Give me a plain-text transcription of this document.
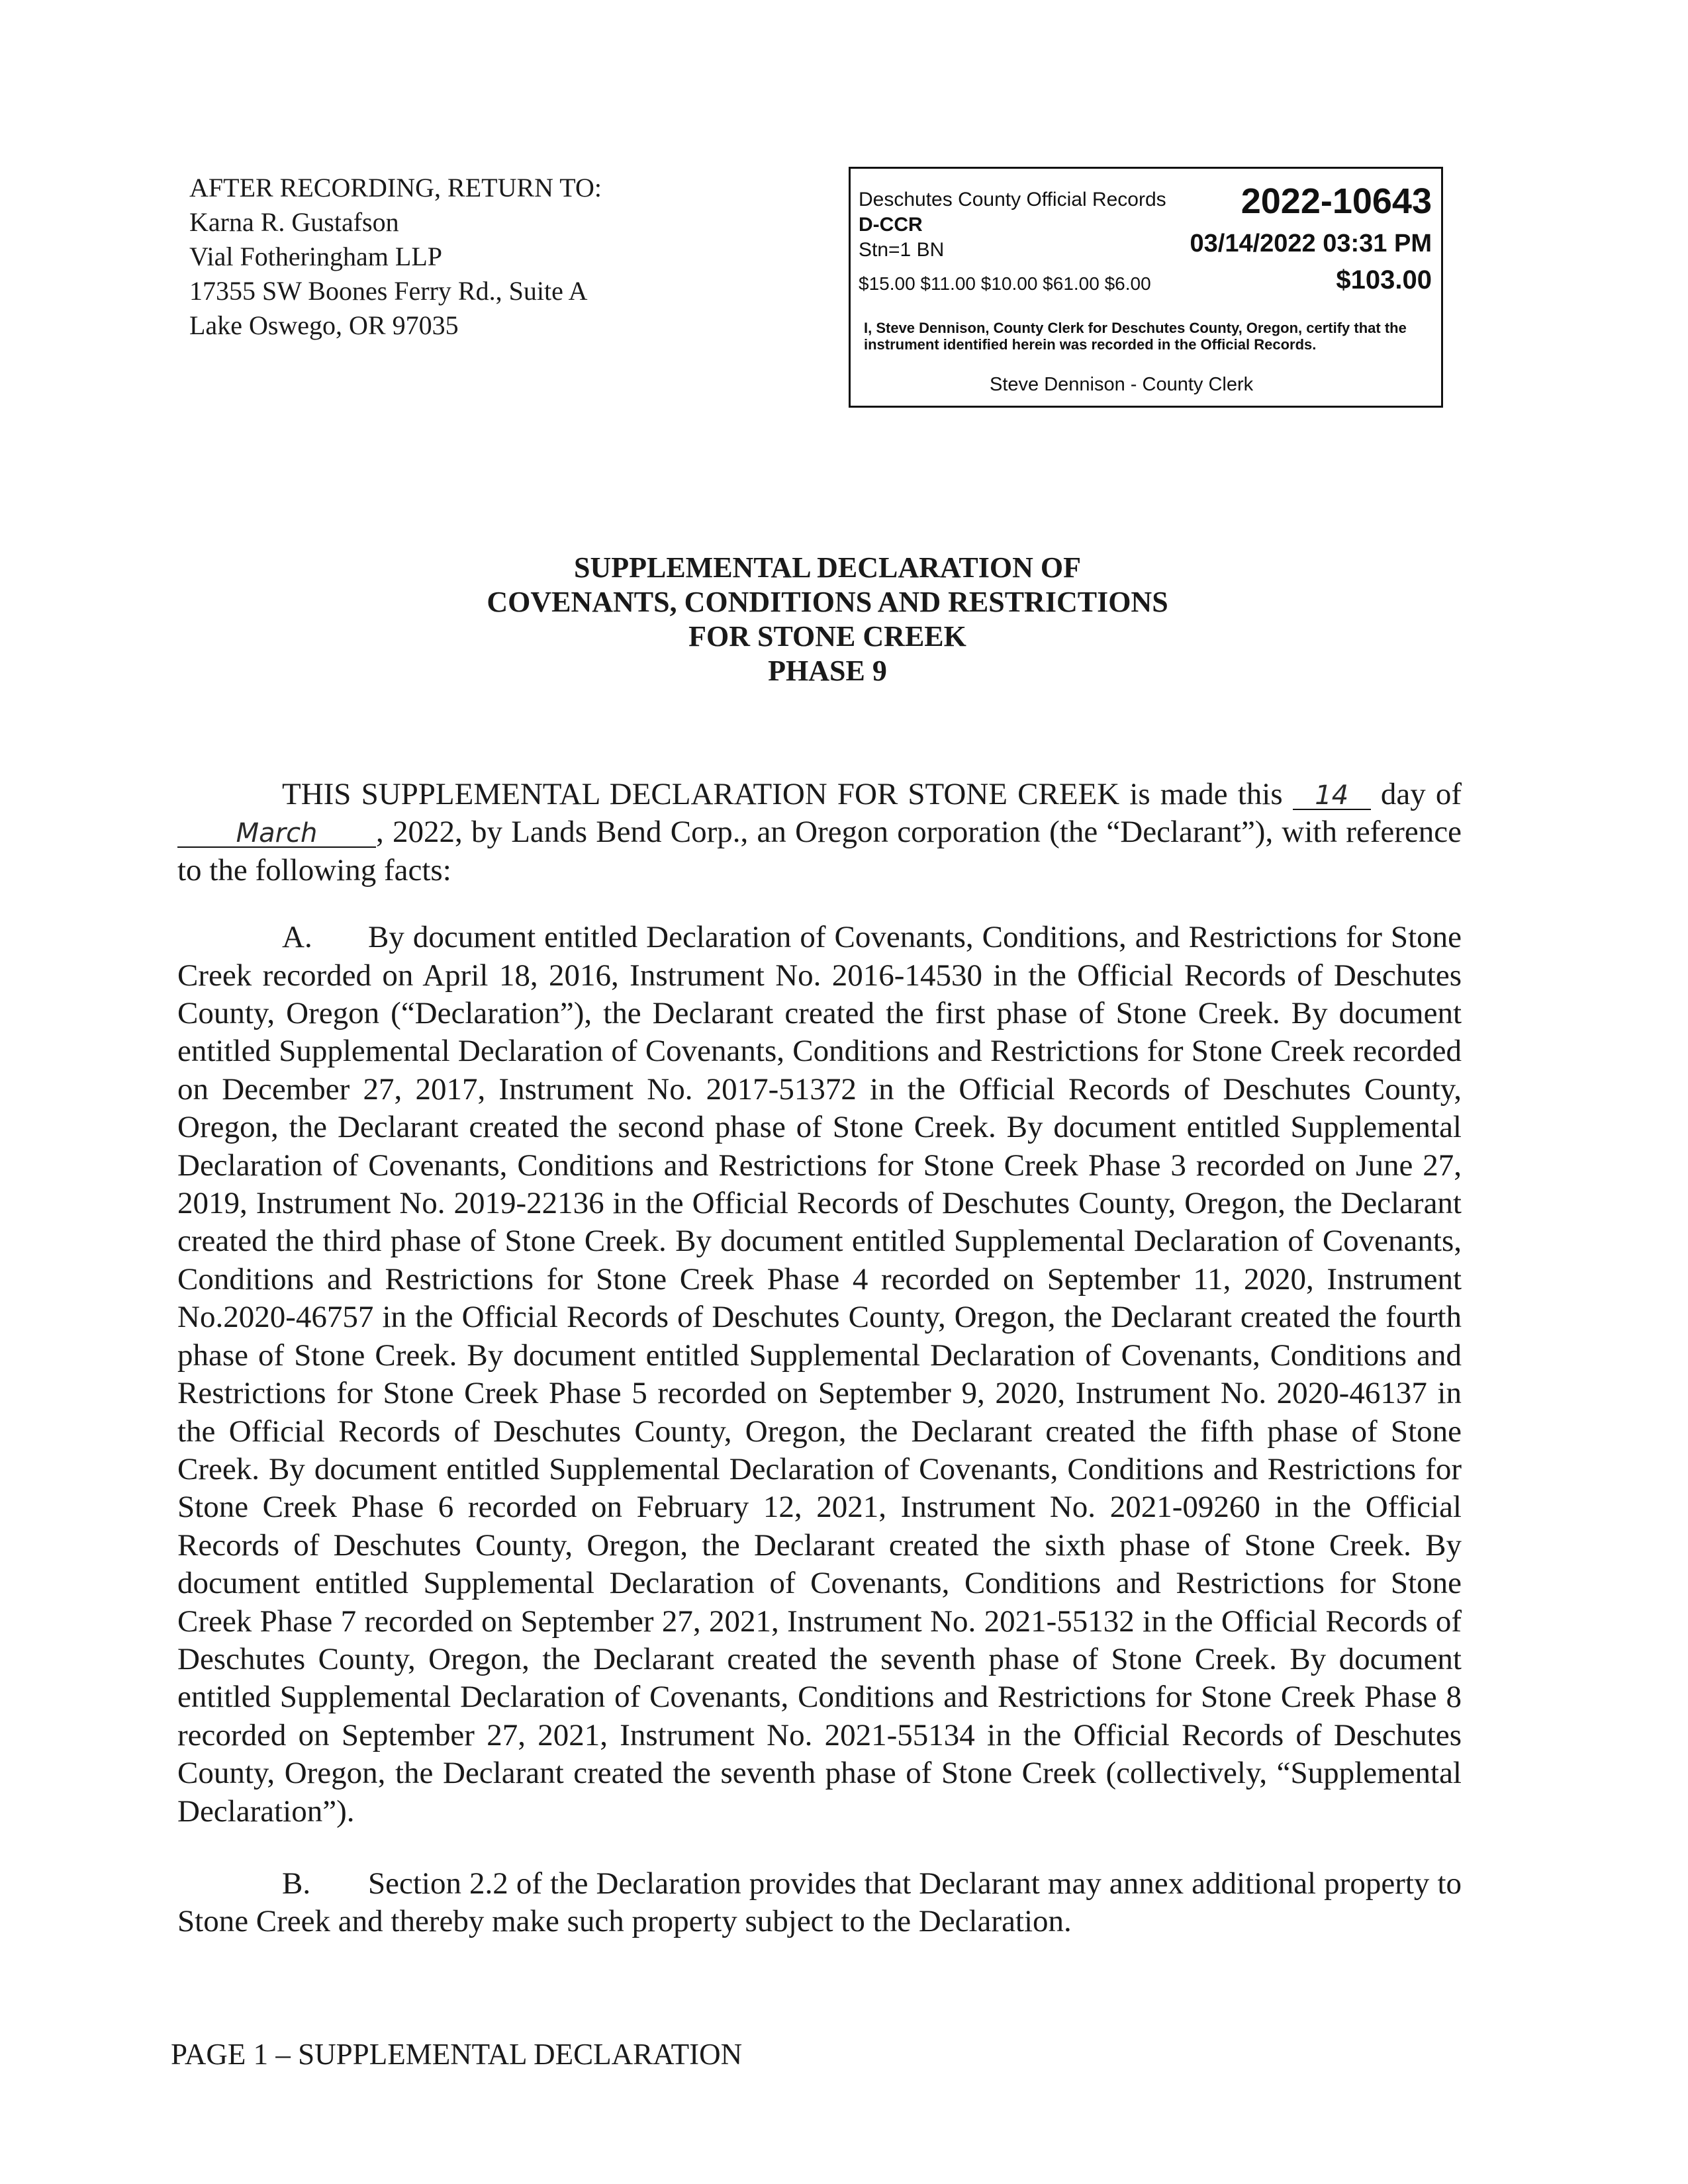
AFTER RECORDING, RETURN TO:
Karna R. Gustafson
Vial Fotheringham LLP
17355 SW Boones Ferry Rd., Suite A
Lake Oswego, OR 97035
Deschutes County Official Records 2022-10643
D-CCR
Stn=1 BN	03/14/2022 03:31 PM
$15.00 $11.00 $10.00 $61.00 $6.00	$103.00
I, Steve Dennison, County Clerk for Deschutes County, Oregon, certify that the instrument identified herein was recorded in the Official Records.
Steve Dennison - County Clerk
SUPPLEMENTAL DECLARATION OF
COVENANTS, CONDITIONS AND RESTRICTIONS
FOR STONE CREEK
PHASE 9

THIS SUPPLEMENTAL DECLARATION FOR STONE CREEK is made this 14 day of March , 2022, by Lands Bend Corp., an Oregon corporation (the “Declarant”), with reference to the following facts:

A. By document entitled Declaration of Covenants, Conditions, and Restrictions for Stone Creek recorded on April 18, 2016, Instrument No. 2016-14530 in the Official Records of Deschutes County, Oregon (“Declaration”), the Declarant created the first phase of Stone Creek. By document entitled Supplemental Declaration of Covenants, Conditions and Restrictions for Stone Creek recorded on December 27, 2017, Instrument No. 2017-51372 in the Official Records of Deschutes County, Oregon, the Declarant created the second phase of Stone Creek. By document entitled Supplemental Declaration of Covenants, Conditions and Restrictions for Stone Creek Phase 3 recorded on June 27, 2019, Instrument No. 2019-22136 in the Official Records of Deschutes County, Oregon, the Declarant created the third phase of Stone Creek. By document entitled Supplemental Declaration of Covenants, Conditions and Restrictions for Stone Creek Phase 4 recorded on September 11, 2020, Instrument No.2020-46757 in the Official Records of Deschutes County, Oregon, the Declarant created the fourth phase of Stone Creek. By document entitled Supplemental Declaration of Covenants, Conditions and Restrictions for Stone Creek Phase 5 recorded on September 9, 2020, Instrument No. 2020-46137 in the Official Records of Deschutes County, Oregon, the Declarant created the fifth phase of Stone Creek. By document entitled Supplemental Declaration of Covenants, Conditions and Restrictions for Stone Creek Phase 6 recorded on February 12, 2021, Instrument No. 2021-09260 in the Official Records of Deschutes County, Oregon, the Declarant created the sixth phase of Stone Creek. By document entitled Supplemental Declaration of Covenants, Conditions and Restrictions for Stone Creek Phase 7 recorded on September 27, 2021, Instrument No. 2021-55132 in the Official Records of Deschutes County, Oregon, the Declarant created the seventh phase of Stone Creek. By document entitled Supplemental Declaration of Covenants, Conditions and Restrictions for Stone Creek Phase 8 recorded on September 27, 2021, Instrument No. 2021-55134 in the Official Records of Deschutes County, Oregon, the Declarant created the seventh phase of Stone Creek (collectively, “Supplemental Declaration”).

B. Section 2.2 of the Declaration provides that Declarant may annex additional property to Stone Creek and thereby make such property subject to the Declaration.

PAGE 1 – SUPPLEMENTAL DECLARATION
